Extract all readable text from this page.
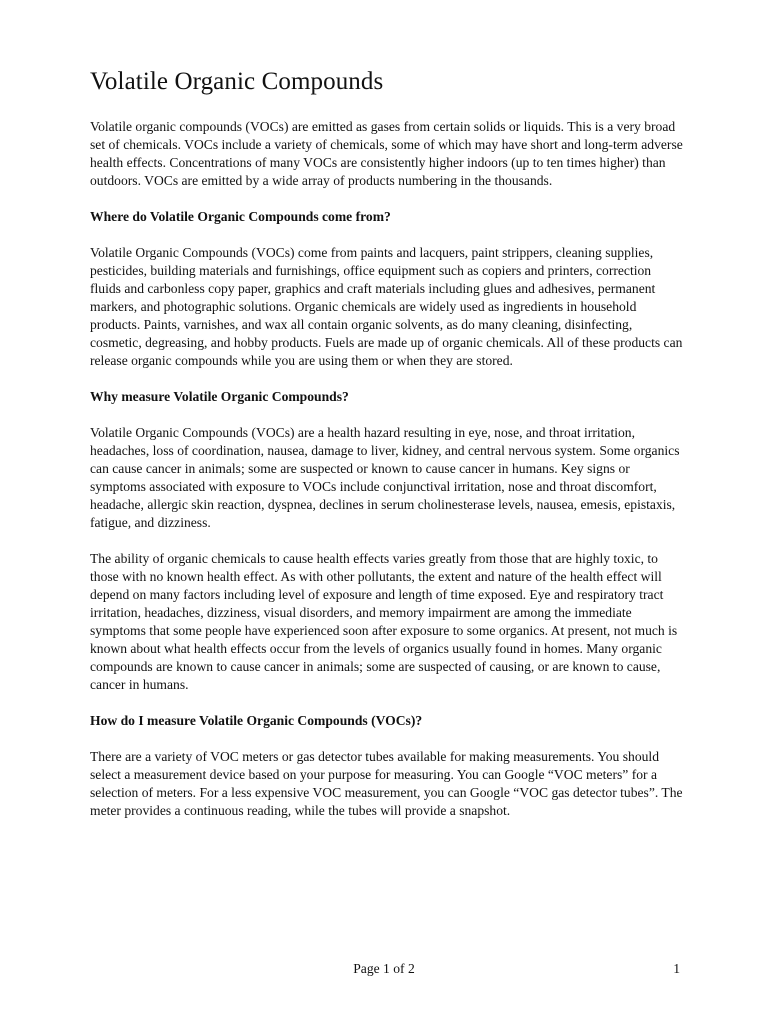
Volatile Organic Compounds

Volatile organic compounds (VOCs) are emitted as gases from certain solids or liquids. This is a very broad set of chemicals. VOCs include a variety of chemicals, some of which may have short and long-term adverse health effects. Concentrations of many VOCs are consistently higher indoors (up to ten times higher) than outdoors. VOCs are emitted by a wide array of products numbering in the thousands.

Where do Volatile Organic Compounds come from?

Volatile Organic Compounds (VOCs) come from paints and lacquers, paint strippers, cleaning supplies, pesticides, building materials and furnishings, office equipment such as copiers and printers, correction fluids and carbonless copy paper, graphics and craft materials including glues and adhesives, permanent markers, and photographic solutions. Organic chemicals are widely used as ingredients in household products. Paints, varnishes, and wax all contain organic solvents, as do many cleaning, disinfecting, cosmetic, degreasing, and hobby products. Fuels are made up of organic chemicals. All of these products can release organic compounds while you are using them or when they are stored.

Why measure Volatile Organic Compounds?

Volatile Organic Compounds (VOCs) are a health hazard resulting in eye, nose, and throat irritation, headaches, loss of coordination, nausea, damage to liver, kidney, and central nervous system. Some organics can cause cancer in animals; some are suspected or known to cause cancer in humans. Key signs or symptoms associated with exposure to VOCs include conjunctival irritation, nose and throat discomfort, headache, allergic skin reaction, dyspnea, declines in serum cholinesterase levels, nausea, emesis, epistaxis, fatigue, and dizziness.

The ability of organic chemicals to cause health effects varies greatly from those that are highly toxic, to those with no known health effect. As with other pollutants, the extent and nature of the health effect will depend on many factors including level of exposure and length of time exposed. Eye and respiratory tract irritation, headaches, dizziness, visual disorders, and memory impairment are among the immediate symptoms that some people have experienced soon after exposure to some organics. At present, not much is known about what health effects occur from the levels of organics usually found in homes. Many organic compounds are known to cause cancer in animals; some are suspected of causing, or are known to cause, cancer in humans.

How do I measure Volatile Organic Compounds (VOCs)?

There are a variety of VOC meters or gas detector tubes available for making measurements. You should select a measurement device based on your purpose for measuring. You can Google “VOC meters” for a selection of meters. For a less expensive VOC measurement, you can Google “VOC gas detector tubes”. The meter provides a continuous reading, while the tubes will provide a snapshot.

Page 1 of 2	1
